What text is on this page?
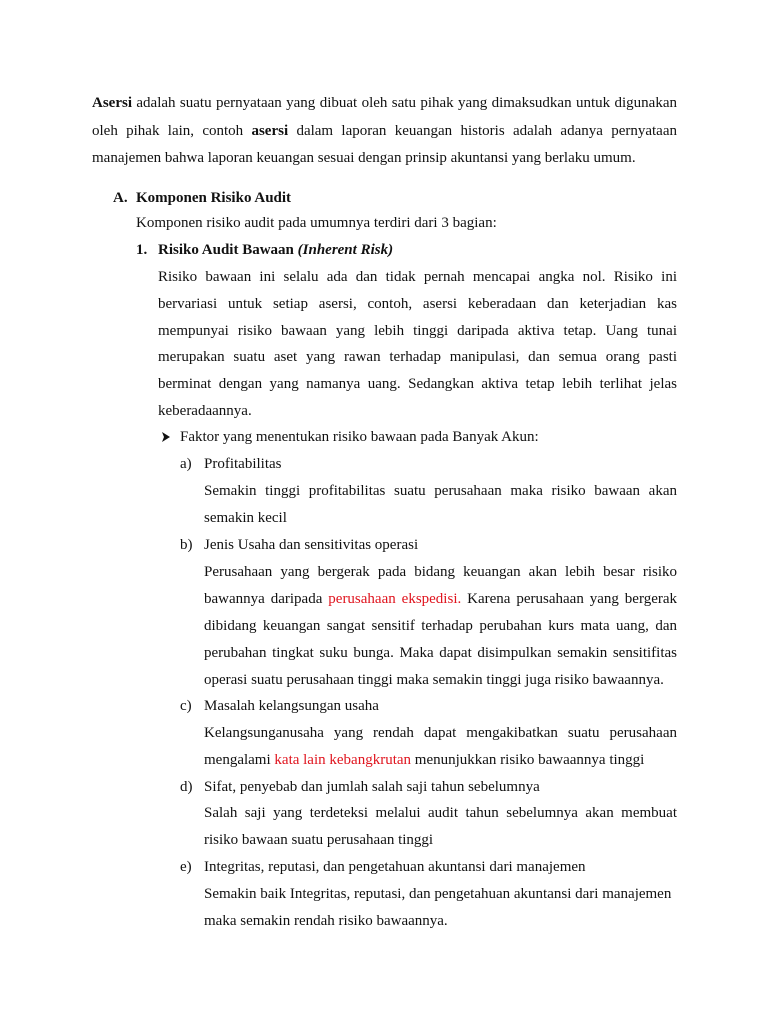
Asersi adalah suatu pernyataan yang dibuat oleh satu pihak yang dimaksudkan untuk digunakan
oleh pihak lain, contoh asersi dalam laporan keuangan historis adalah adanya pernyataan
manajemen bahwa laporan keuangan sesuai dengan prinsip akuntansi yang berlaku umum.
A. Komponen Risiko Audit
Komponen risiko audit pada umumnya terdiri dari 3 bagian:
1. Risiko Audit Bawaan (Inherent Risk)
Risiko bawaan ini selalu ada dan tidak pernah mencapai angka nol. Risiko ini
bervariasi untuk setiap asersi, contoh, asersi keberadaan dan keterjadian kas
mempunyai risiko bawaan yang lebih tinggi daripada aktiva tetap. Uang tunai
merupakan suatu aset yang rawan terhadap manipulasi, dan semua orang pasti
berminat dengan yang namanya uang. Sedangkan aktiva tetap lebih terlihat jelas
keberadaannya.
Faktor yang menentukan risiko bawaan pada Banyak Akun:
a) Profitabilitas
Semakin tinggi profitabilitas suatu perusahaan maka risiko bawaan akan
semakin kecil
b) Jenis Usaha dan sensitivitas operasi
Perusahaan yang bergerak pada bidang keuangan akan lebih besar risiko
bawannya daripada perusahaan ekspedisi. Karena perusahaan yang bergerak
dibidang keuangan sangat sensitif terhadap perubahan kurs mata uang, dan
perubahan tingkat suku bunga. Maka dapat disimpulkan semakin sensitifitas
operasi suatu perusahaan tinggi maka semakin tinggi juga risiko bawaannya.
c) Masalah kelangsungan usaha
Kelangsunganusaha yang rendah dapat mengakibatkan suatu perusahaan
mengalami kata lain kebangkrutan menunjukkan risiko bawaannya tinggi
d) Sifat, penyebab dan jumlah salah saji tahun sebelumnya
Salah saji yang terdeteksi melalui audit tahun sebelumnya akan membuat
risiko bawaan suatu perusahaan tinggi
e) Integritas, reputasi, dan pengetahuan akuntansi dari manajemen
Semakin baik Integritas, reputasi, dan pengetahuan akuntansi dari manajemen
maka semakin rendah risiko bawaannya.
